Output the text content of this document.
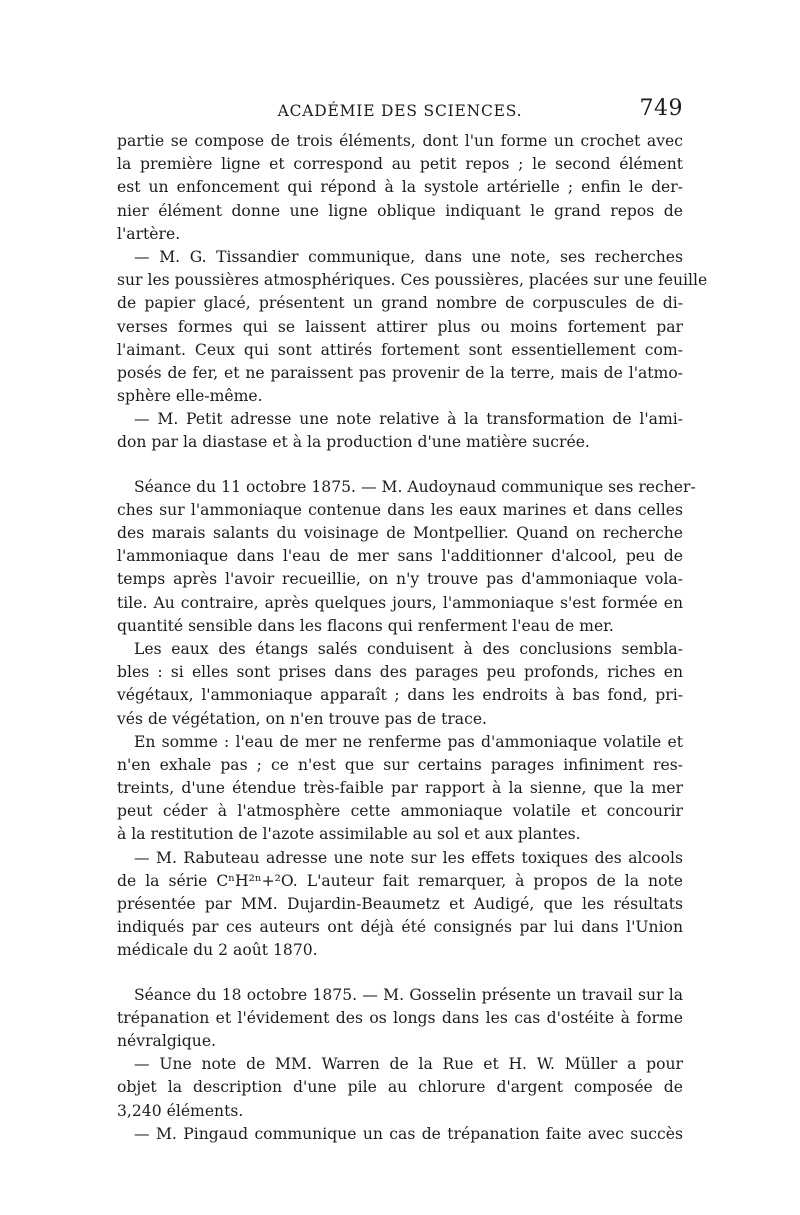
ACADÉMIE DES SCIENCES.	749
partie se compose de trois éléments, dont l'un forme un crochet avec
la première ligne et correspond au petit repos ; le second élément
est un enfoncement qui répond à la systole artérielle ; enfin le der-
nier élément donne une ligne oblique indiquant le grand repos de
l'artère.
— M. G. Tissandier communique, dans une note, ses recherches
sur les poussières atmosphériques. Ces poussières, placées sur une feuille
de papier glacé, présentent un grand nombre de corpuscules de di-
verses formes qui se laissent attirer plus ou moins fortement par
l'aimant. Ceux qui sont attirés fortement sont essentiellement com-
posés de fer, et ne paraissent pas provenir de la terre, mais de l'atmo-
sphère elle-même.
— M. Petit adresse une note relative à la transformation de l'ami-
don par la diastase et à la production d'une matière sucrée.
Séance du 11 octobre 1875. — M. Audoynaud communique ses recher-
ches sur l'ammoniaque contenue dans les eaux marines et dans celles
des marais salants du voisinage de Montpellier. Quand on recherche
l'ammoniaque dans l'eau de mer sans l'additionner d'alcool, peu de
temps après l'avoir recueillie, on n'y trouve pas d'ammoniaque vola-
tile. Au contraire, après quelques jours, l'ammoniaque s'est formée en
quantité sensible dans les flacons qui renferment l'eau de mer.
Les eaux des étangs salés conduisent à des conclusions sembla-
bles : si elles sont prises dans des parages peu profonds, riches en
végétaux, l'ammoniaque apparaît ; dans les endroits à bas fond, pri-
vés de végétation, on n'en trouve pas de trace.
En somme : l'eau de mer ne renferme pas d'ammoniaque volatile et
n'en exhale pas ; ce n'est que sur certains parages infiniment res-
treints, d'une étendue très-faible par rapport à la sienne, que la mer
peut céder à l'atmosphère cette ammoniaque volatile et concourir
à la restitution de l'azote assimilable au sol et aux plantes.
— M. Rabuteau adresse une note sur les effets toxiques des alcools
de la série CⁿH²ⁿ+²O. L'auteur fait remarquer, à propos de la note
présentée par MM. Dujardin-Beaumetz et Audigé, que les résultats
indiqués par ces auteurs ont déjà été consignés par lui dans l'Union
médicale du 2 août 1870.
Séance du 18 octobre 1875. — M. Gosselin présente un travail sur la
trépanation et l'évidement des os longs dans les cas d'ostéite à forme
névralgique.
— Une note de MM. Warren de la Rue et H. W. Müller a pour
objet la description d'une pile au chlorure d'argent composée de
3,240 éléments.
— M. Pingaud communique un cas de trépanation faite avec succès
